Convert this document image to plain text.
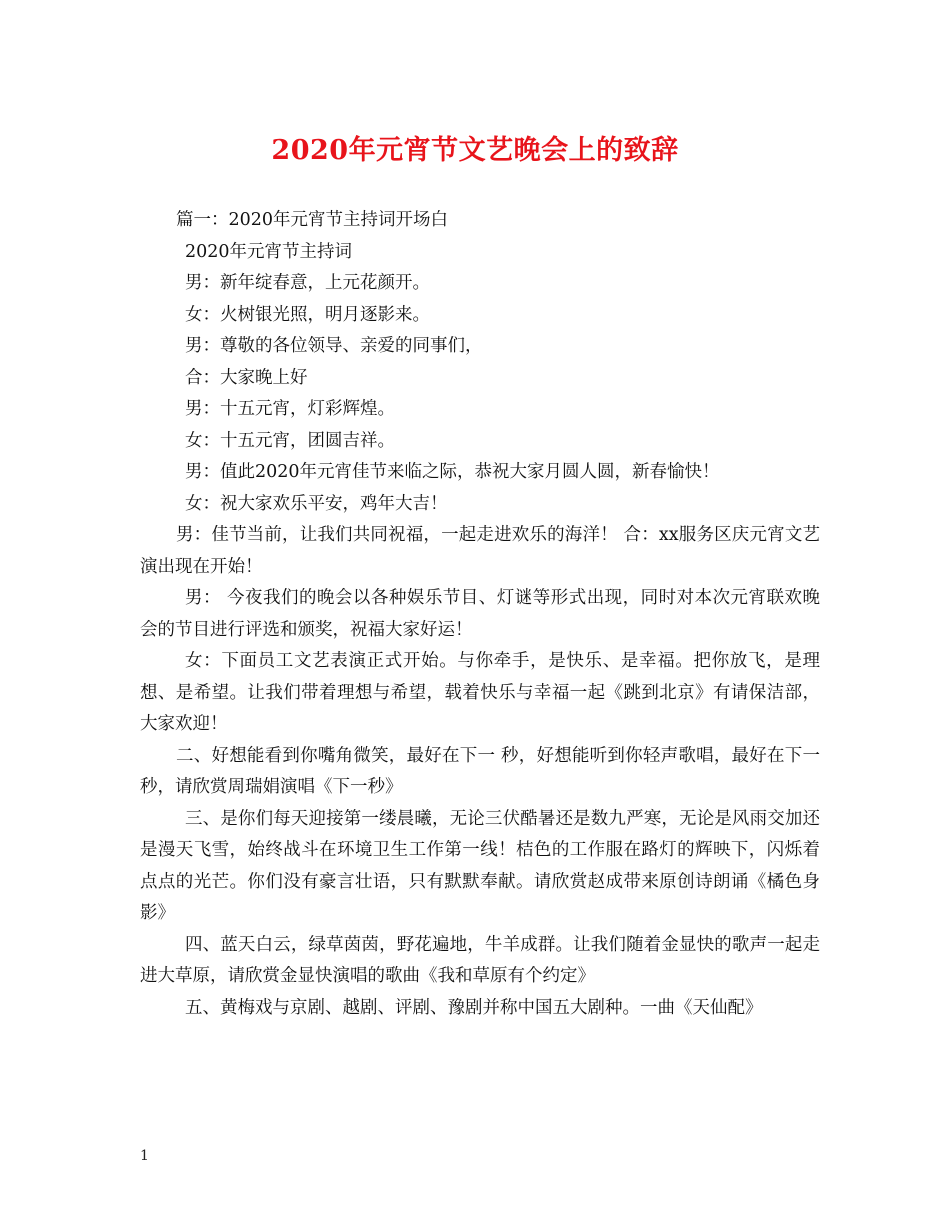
2020年元宵节文艺晚会上的致辞

篇一：2020年元宵节主持词开场白

2020年元宵节主持词

男：新年绽春意，上元花颜开。

女：火树银光照，明月逐影来。

男：尊敬的各位领导、亲爱的同事们，

合：大家晚上好

男：十五元宵，灯彩辉煌。

女：十五元宵，团圆吉祥。

男：值此2020年元宵佳节来临之际，恭祝大家月圆人圆，新春愉快！

女：祝大家欢乐平安，鸡年大吉！

男：佳节当前，让我们共同祝福，一起走进欢乐的海洋！ 合：xx服务区庆元宵文艺演出现在开始！

男： 今夜我们的晚会以各种娱乐节目、灯谜等形式出现，同时对本次元宵联欢晚会的节目进行评选和颁奖，祝福大家好运！

女：下面员工文艺表演正式开始。与你牵手，是快乐、是幸福。把你放飞，是理想、是希望。让我们带着理想与希望，载着快乐与幸福一起《跳到北京》有请保洁部，大家欢迎！

二、好想能看到你嘴角微笑，最好在下一 秒，好想能听到你轻声歌唱，最好在下一秒，请欣赏周瑞娟演唱《下一秒》

三、是你们每天迎接第一缕晨曦，无论三伏酷暑还是数九严寒，无论是风雨交加还是漫天飞雪，始终战斗在环境卫生工作第一线！桔色的工作服在路灯的辉映下，闪烁着点点的光芒。你们没有豪言壮语，只有默默奉献。请欣赏赵成带来原创诗朗诵《橘色身影》

四、蓝天白云，绿草茵茵，野花遍地，牛羊成群。让我们随着金显快的歌声一起走进大草原，请欣赏金显快演唱的歌曲《我和草原有个约定》

五、黄梅戏与京剧、越剧、评剧、豫剧并称中国五大剧种。一曲《天仙配》

1
